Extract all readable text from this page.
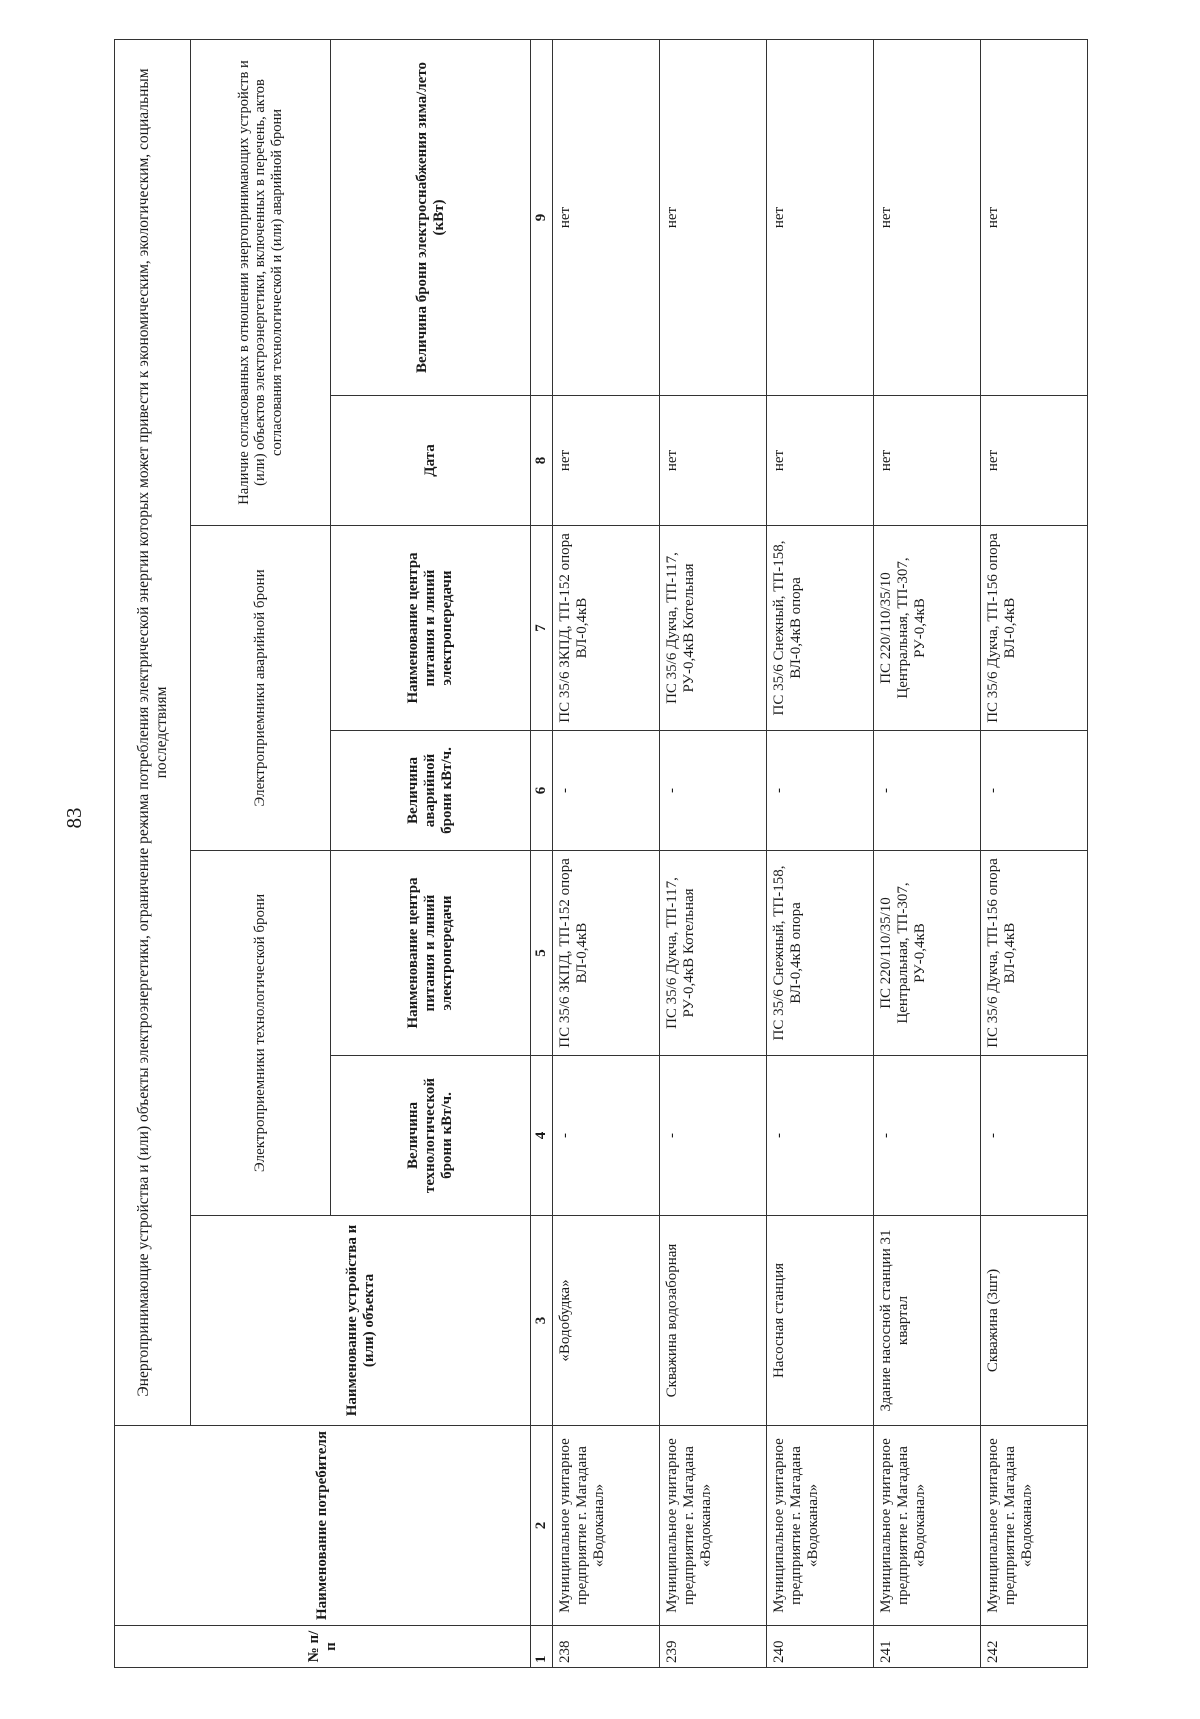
83
№ п/п	Наименование потребителя	Энергопринимающие устройства и (или) объекты электроэнергетики, ограничение режима потребления электрической энергии которых может привести к экономическим, экологическим, социальным последствиям						
		Наименование устройства и (или) объекта	Электроприемники технологической брони		Электроприемники аварийной брони		Наличие согласованных в отношении энергопринимающих устройств и (или) объектов электроэнергетики, включенных в перечень, актов согласования технологической и (или) аварийной брони	
			Величина технологической брони кВт/ч.	Наименование центра питания и линий электропередачи	Величина аварийной брони кВт/ч.	Наименование центра питания и линий электропередачи	Дата	Величина брони электроснабжения зима/лето (кВт)
1	2	3	4	5	6	7	8	9
238	Муниципальное унитарное предприятие г. Магадана «Водоканал»	«Водобудка»	-	ПС 35/6 ЗКПД, ТП-152 опора ВЛ-0,4кВ	-	ПС 35/6 ЗКПД, ТП-152 опора ВЛ-0,4кВ	нет	нет
239	Муниципальное унитарное предприятие г. Магадана «Водоканал»	Скважина водозаборная	-	ПС 35/6 Дукча, ТП-117, РУ-0,4кВ Котельная	-	ПС 35/6 Дукча, ТП-117, РУ-0,4кВ Котельная	нет	нет
240	Муниципальное унитарное предприятие г. Магадана «Водоканал»	Насосная станция	-	ПС 35/6 Снежный, ТП-158, ВЛ-0,4кВ опора	-	ПС 35/6 Снежный, ТП-158, ВЛ-0,4кВ опора	нет	нет
241	Муниципальное унитарное предприятие г. Магадана «Водоканал»	Здание насосной станции 31 квартал	-	ПС 220/110/35/10 Центральная, ТП-307, РУ-0,4кВ	-	ПС 220/110/35/10 Центральная, ТП-307, РУ-0,4кВ	нет	нет
242	Муниципальное унитарное предприятие г. Магадана «Водоканал»	Скважина (3шт)	-	ПС 35/6 Дукча, ТП-156 опора ВЛ-0,4кВ	-	ПС 35/6 Дукча, ТП-156 опора ВЛ-0,4кВ	нет	нет
